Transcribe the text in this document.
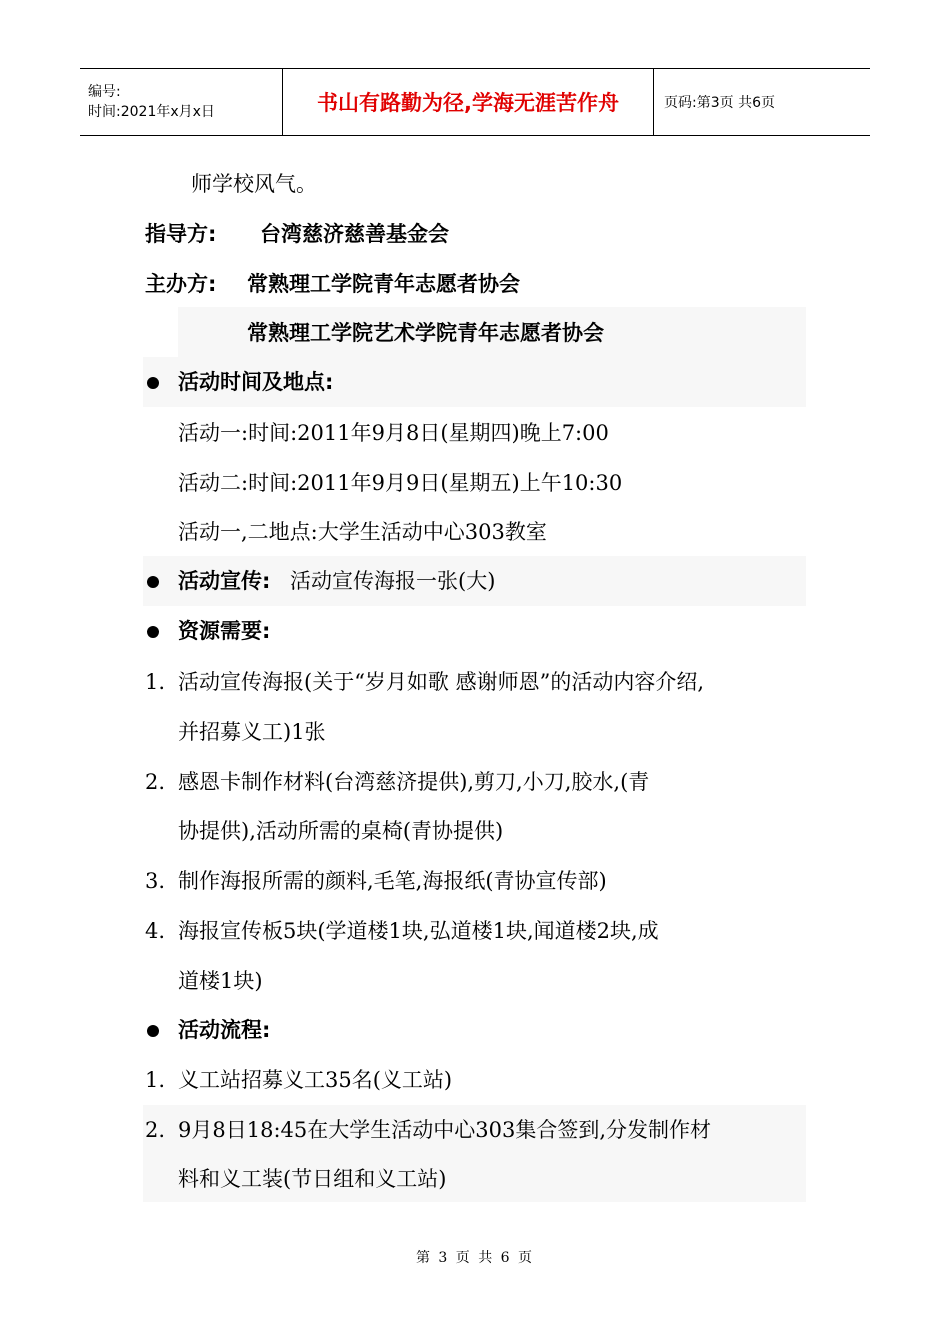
编号:
时间:2021年x月x日	书山有路勤为径,学海无涯苦作舟	页码:第3页 共6页
师学校风气。
指导方: 台湾慈济慈善基金会
主办方: 常熟理工学院青年志愿者协会
常熟理工学院艺术学院青年志愿者协会
活动时间及地点:
活动一:时间:2011年9月8日(星期四)晚上7:00
活动二:时间:2011年9月9日(星期五)上午10:30
活动一,二地点:大学生活动中心303教室
活动宣传: 活动宣传海报一张(大)
资源需要:
1. 活动宣传海报(关于“岁月如歌 感谢师恩”的活动内容介绍,
并招募义工)1张
2. 感恩卡制作材料(台湾慈济提供),剪刀,小刀,胶水,(青
协提供),活动所需的桌椅(青协提供)
3. 制作海报所需的颜料,毛笔,海报纸(青协宣传部)
4. 海报宣传板5块(学道楼1块,弘道楼1块,闻道楼2块,成
道楼1块)
活动流程:
1. 义工站招募义工35名(义工站)
2. 9月8日18:45在大学生活动中心303集合签到,分发制作材
料和义工装(节日组和义工站)
第 3 页 共 6 页
